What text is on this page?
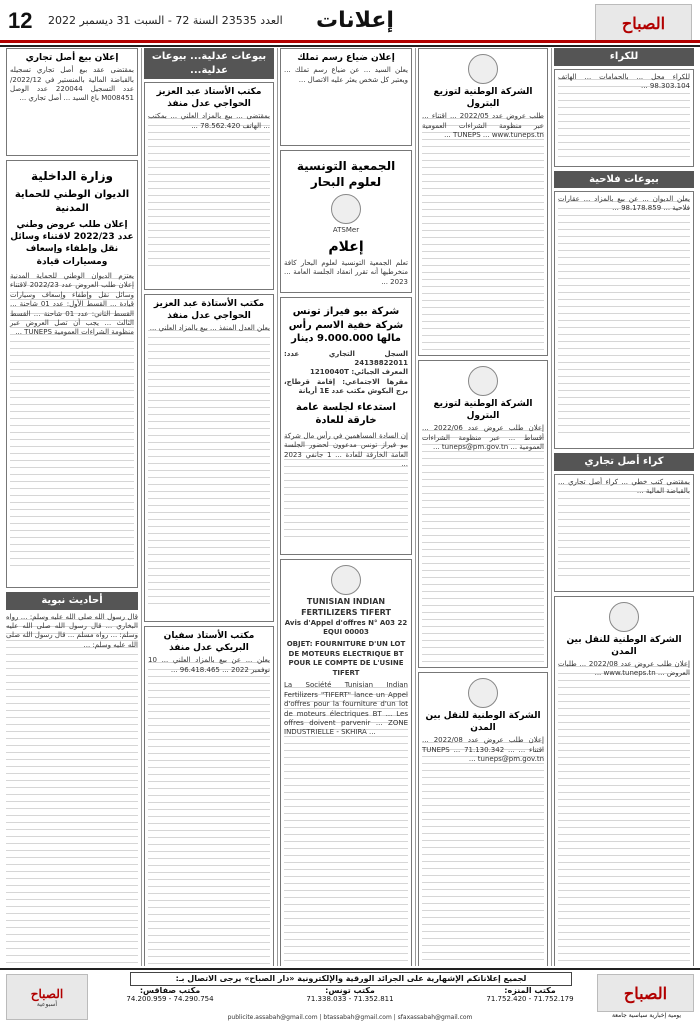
12 العدد 23535 السنة 72 - السبت 31 ديسمبر 2022	إعلانات	الصباح
إعلان بيع أصل تجاري
بمقتضى عقد بيع أصل تجاري تسجيله بالقباضة المالية بالمنستير في 2022/12/ عدد التسجيل 220044 عدد الوصل M008451 باع السيد ... أصل تجاري ...
وزارة الداخلية
الديوان الوطني للحماية المدنية
إعلان طلب عروض وطني عدد 2022/23 لاقتناء وسائل نقل وإطفاء وإسعاف ومسيارات قيادة
يعتزم الديوان الوطني للحماية المدنية إعلان طلب العروض عدد 2022/23 لاقتناء وسائل نقل وإطفاء وإسعاف وسيارات قيادة ... القسط الأول: عدد 01 شاحنة ... القسط الثاني: عدد 01 شاحنة ... القسط الثالث ... يجب أن تصل العروض عبر منظومة الشراءات العمومية TUNEPS ...
أحاديث نبوية
قال رسول الله صلى الله عليه وسلم: ... رواه البخاري ... قال رسول الله صلى الله عليه وسلم: ... رواه مسلم ... قال رسول الله صلى الله عليه وسلم: ...
بيوعات عدلية... بيوعات عدلية...
مكتب الأستاذ عبد العزيز الحواجي عدل منفذ
بمقتضى ... بيع بالمزاد العلني ... بمكتب ... الهاتف 78.562.420 ...
مكتب الأستاذة عبد العزيز الحواجي عدل منفذ
يعلن العدل المنفذ ... بيع بالمزاد العلني ...
مكتب الأستاذ سفيان البريكي عدل منفذ
يعلن ... عن بيع بالمزاد العلني ... 10 نوفمبر 2022 ... 96.418.465 ...
إعلان ضياع رسم تملك
يعلن السيد ... عن ضياع رسم تملك ... ويعتبر كل شخص يعثر عليه الاتصال ...
الجمعية التونسية لعلوم البحار
ATSMer
إعلام
تعلم الجمعية التونسية لعلوم البحار كافة منخرطيها أنه تقرر انعقاد الجلسة العامة ... 2023 ...
شركة بيو فيراز تونس شركة خفية الاسم رأس مالها 9.000.000 دينار
السجل التجاري عدد: 24138822011
المعرف الجبائي: 1210040T
مقرها الاجتماعي: إقامة قرطاج، برج البكوش مكتب عدد 1E أريانة
استدعاء لجلسة عامة خارقة للعادة
إن السادة المساهمين في رأس مال شركة بيو فيراز تونس مدعوون لحضور الجلسة العامة الخارقة للعادة ... 1 جانفي 2023 ...
TUNISIAN INDIAN FERTILIZERS TIFERT
Avis d'Appel d'offres N° A03 22 EQUI 00003
OBJET: FOURNITURE D'UN LOT DE MOTEURS ELECTRIQUE BT POUR LE COMPTE DE L'USINE TIFERT
La Société Tunisian Indian Fertilizers "TIFERT" lance un Appel d'offres pour la fourniture d'un lot de moteurs électriques BT ... Les offres doivent parvenir ... ZONE INDUSTRIELLE - SKHIRA ...
الشركة الوطنية لتوزيع البترول
طلب عروض عدد 2022/05 ... اقتناء ... عبر منظومة الشراءات العمومية TUNEPS ... www.tuneps.tn ...
الشركة الوطنية لتوزيع البترول
إعلان طلب عروض عدد 2022/06 ... أقساط ... عبر منظومة الشراءات العمومية ... tuneps@pm.gov.tn ...
الشركة الوطنية للنقل بين المدن
إعلان طلب عروض عدد 2022/08 ... اقتناء ... TUNEPS ... 71.130.342 ... tuneps@pm.gov.tn ...
للكراء
للكراء محل ... بالحمامات ... الهاتف 98.303.104 ...
بيوعات فلاحية
يعلن الديوان ... عن بيع بالمزاد ... عقارات فلاحية ... 98.178.859 ...
كراء أصل تجاري
بمقتضى كتب خطي ... كراء أصل تجاري ... بالقباضة المالية ...
الشركة الوطنية للنقل بين المدن
إعلان طلب عروض عدد 2022/08 ... طلبات العروض ... www.tuneps.tn ...
الصباح
أسبوعية
لجميع إعلاناتكم الإشهارية على الجرائد الورقية والإلكترونية «دار الصباح» يرجى الاتصال بـ:
مكتب صفاقس:
74.290.754 - 74.200.959
مكتب تونس:
71.352.811 - 71.338.033
مكتب المنزه:
71.752.179 - 71.752.420	الصباح
يومية إخبارية سياسية جامعة
publicite.assabah@gmail.com | btassabah@gmail.com | sfaxassabah@gmail.com
